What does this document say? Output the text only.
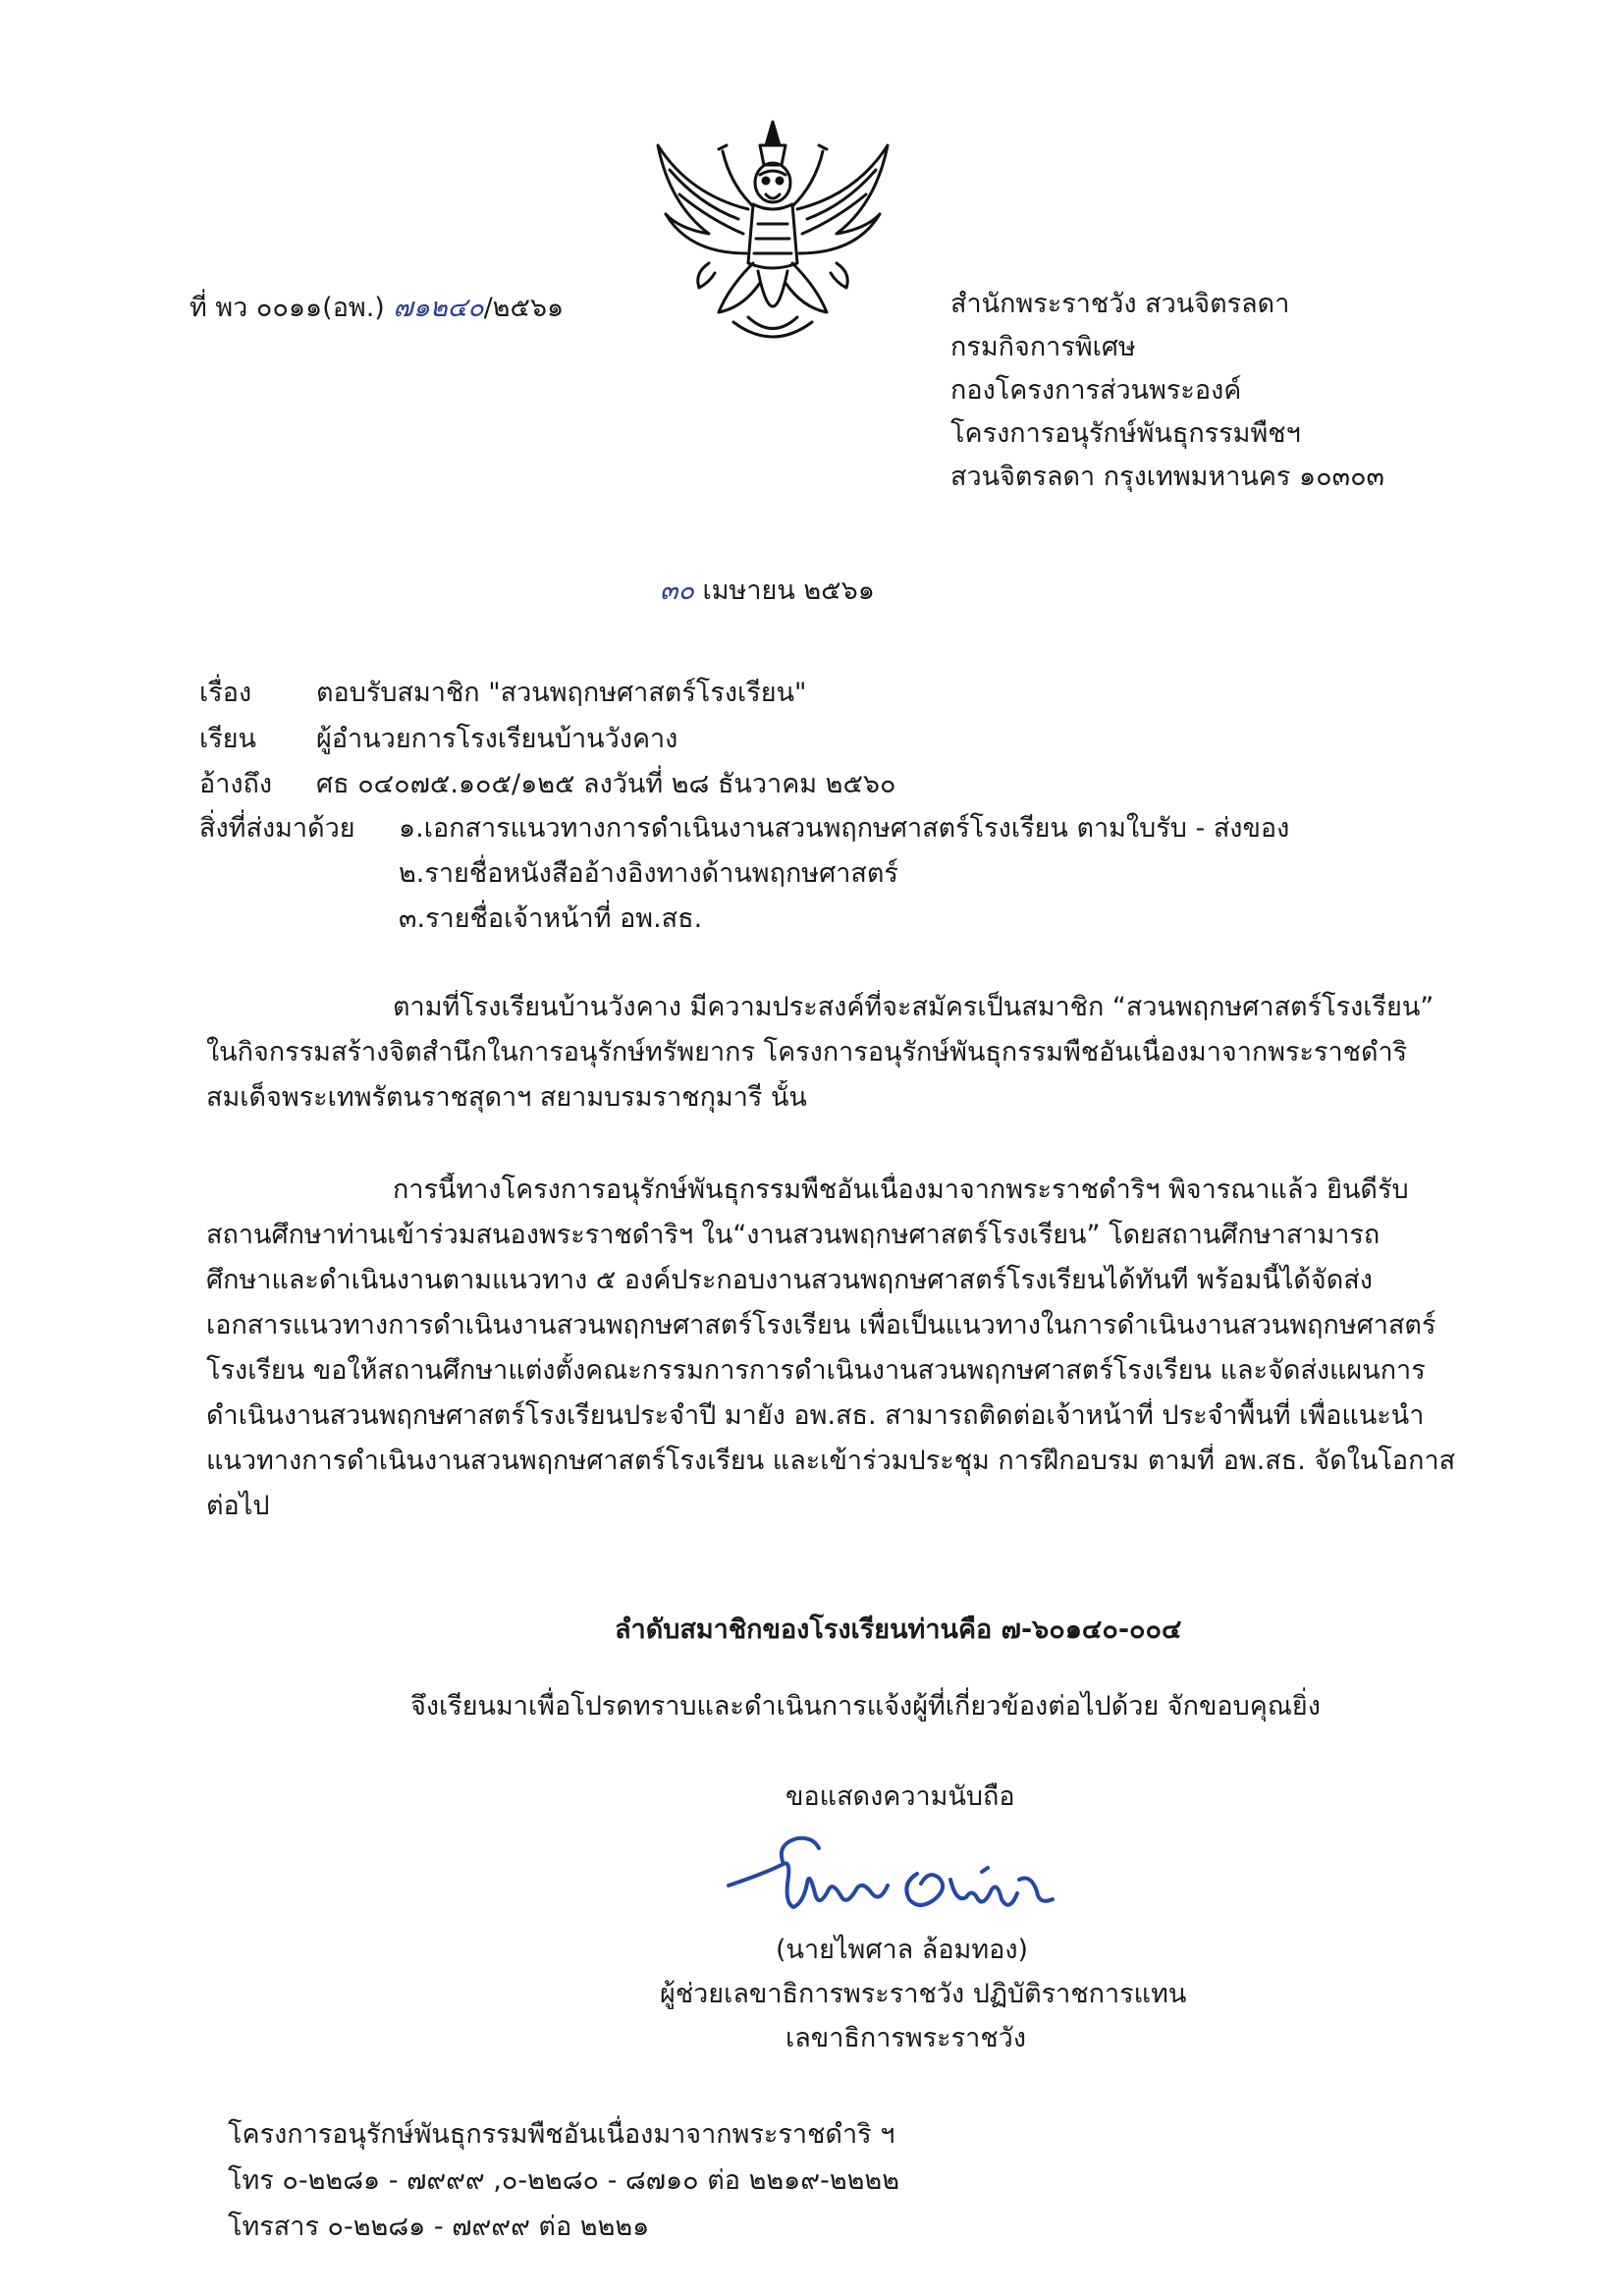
ที่ พว ๐๐๑๑(อพ.) ๗๑๒๔๐/๒๕๖๑	สำนักพระราชวัง สวนจิตรลดา
กรมกิจการพิเศษ
กองโครงการส่วนพระองค์
โครงการอนุรักษ์พันธุกรรมพืชฯ
สวนจิตรลดา กรุงเทพมหานคร ๑๐๓๐๓
๓๐ เมษายน ๒๕๖๑
เรื่อง ตอบรับสมาชิก "สวนพฤกษศาสตร์โรงเรียน"
เรียน ผู้อำนวยการโรงเรียนบ้านวังคาง
อ้างถึง ศธ ๐๔๐๗๕.๑๐๕/๑๒๕ ลงวันที่ ๒๘ ธันวาคม ๒๕๖๐
สิ่งที่ส่งมาด้วย ๑.เอกสารแนวทางการดำเนินงานสวนพฤกษศาสตร์โรงเรียน ตามใบรับ - ส่งของ
๒.รายชื่อหนังสืออ้างอิงทางด้านพฤกษศาสตร์
๓.รายชื่อเจ้าหน้าที่ อพ.สธ.
ตามที่โรงเรียนบ้านวังคาง มีความประสงค์ที่จะสมัครเป็นสมาชิก “สวนพฤกษศาสตร์โรงเรียน”
ในกิจกรรมสร้างจิตสำนึกในการอนุรักษ์ทรัพยากร โครงการอนุรักษ์พันธุกรรมพืชอันเนื่องมาจากพระราชดำริ
สมเด็จพระเทพรัตนราชสุดาฯ สยามบรมราชกุมารี นั้น
การนี้ทางโครงการอนุรักษ์พันธุกรรมพืชอันเนื่องมาจากพระราชดำริฯ พิจารณาแล้ว ยินดีรับ
สถานศึกษาท่านเข้าร่วมสนองพระราชดำริฯ ใน“งานสวนพฤกษศาสตร์โรงเรียน” โดยสถานศึกษาสามารถ
ศึกษาและดำเนินงานตามแนวทาง ๕ องค์ประกอบงานสวนพฤกษศาสตร์โรงเรียนได้ทันที พร้อมนี้ได้จัดส่ง
เอกสารแนวทางการดำเนินงานสวนพฤกษศาสตร์โรงเรียน เพื่อเป็นแนวทางในการดำเนินงานสวนพฤกษศาสตร์
โรงเรียน ขอให้สถานศึกษาแต่งตั้งคณะกรรมการการดำเนินงานสวนพฤกษศาสตร์โรงเรียน และจัดส่งแผนการ
ดำเนินงานสวนพฤกษศาสตร์โรงเรียนประจำปี มายัง อพ.สธ. สามารถติดต่อเจ้าหน้าที่ ประจำพื้นที่ เพื่อแนะนำ
แนวทางการดำเนินงานสวนพฤกษศาสตร์โรงเรียน และเข้าร่วมประชุม การฝึกอบรม ตามที่ อพ.สธ. จัดในโอกาส
ต่อไป
ลำดับสมาชิกของโรงเรียนท่านคือ ๗-๖๐๑๔๐-๐๐๔
จึงเรียนมาเพื่อโปรดทราบและดำเนินการแจ้งผู้ที่เกี่ยวข้องต่อไปด้วย จักขอบคุณยิ่ง
ขอแสดงความนับถือ
(นายไพศาล ล้อมทอง)
ผู้ช่วยเลขาธิการพระราชวัง ปฏิบัติราชการแทน
เลขาธิการพระราชวัง
โครงการอนุรักษ์พันธุกรรมพืชอันเนื่องมาจากพระราชดำริ ฯ
โทร ๐-๒๒๘๑ - ๗๙๙๙ ,๐-๒๒๘๐ - ๘๗๑๐ ต่อ ๒๒๑๙-๒๒๒๒
โทรสาร ๐-๒๒๘๑ - ๗๙๙๙ ต่อ ๒๒๒๑
